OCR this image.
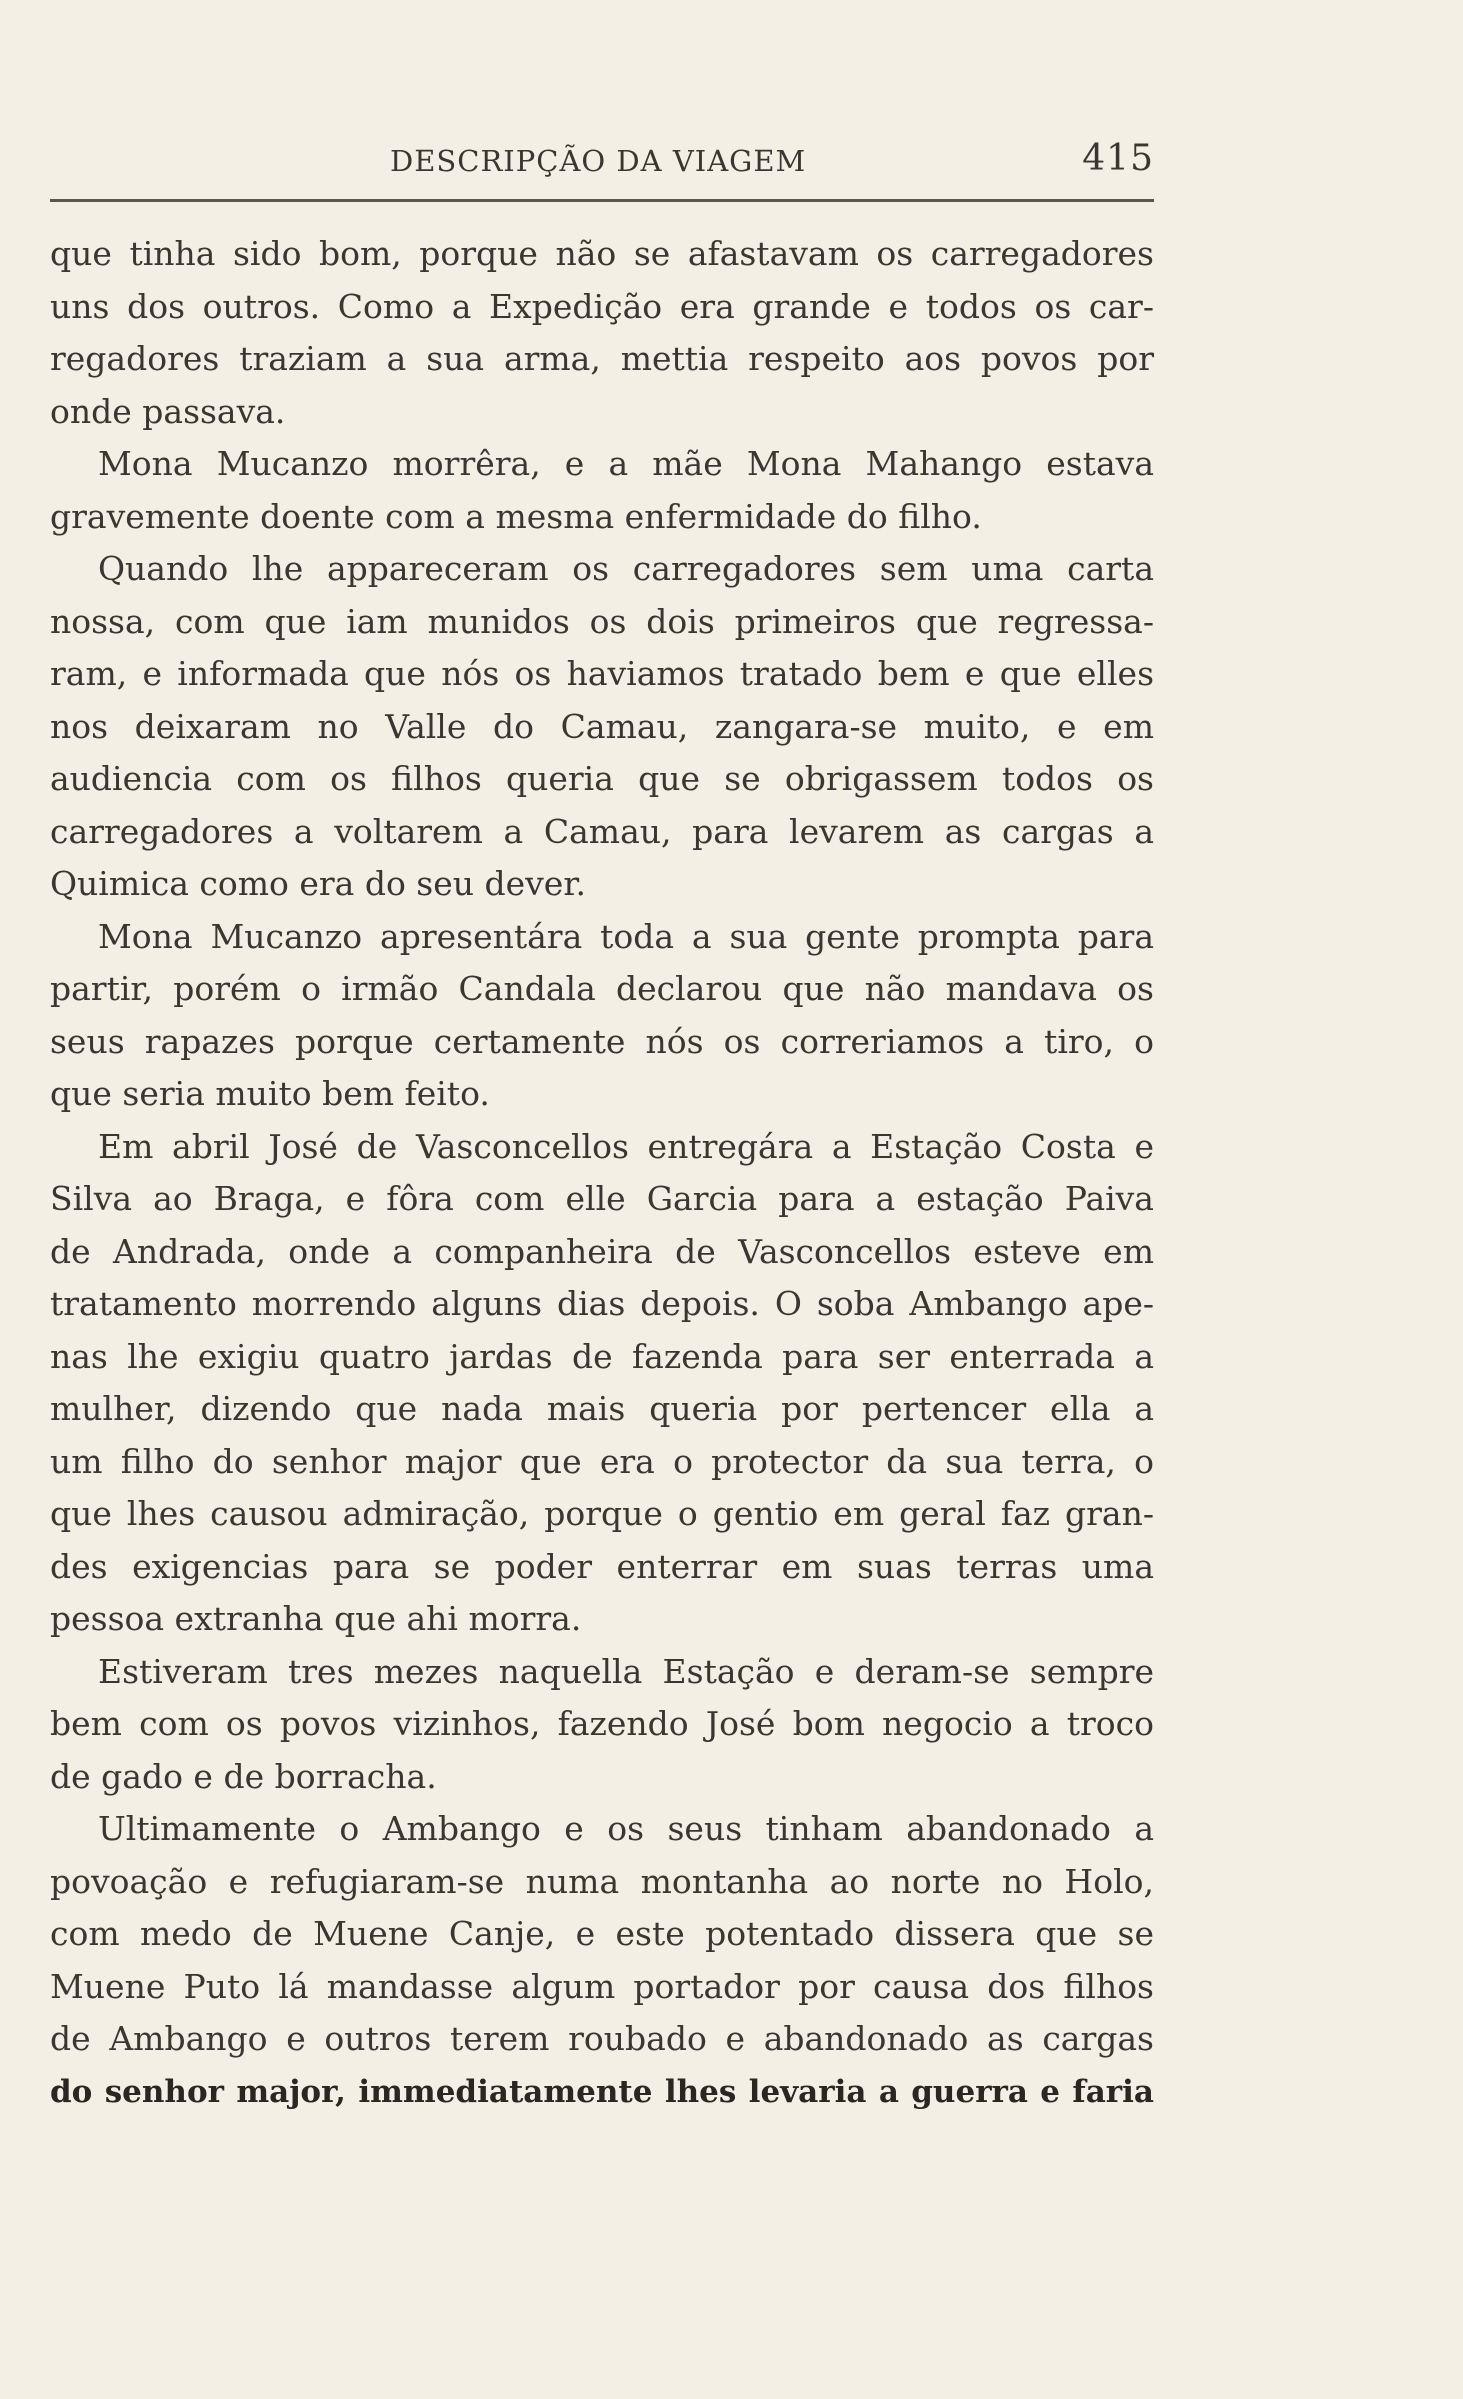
DESCRIPÇÃO DA VIAGEM	415
que tinha sido bom, porque não se afastavam os carregadores
uns dos outros. Como a Expedição era grande e todos os car-
regadores traziam a sua arma, mettia respeito aos povos por
onde passava.
Mona Mucanzo morrêra, e a mãe Mona Mahango estava
gravemente doente com a mesma enfermidade do filho.
Quando lhe appareceram os carregadores sem uma carta
nossa, com que iam munidos os dois primeiros que regressa-
ram, e informada que nós os haviamos tratado bem e que elles
nos deixaram no Valle do Camau, zangara-se muito, e em
audiencia com os filhos queria que se obrigassem todos os
carregadores a voltarem a Camau, para levarem as cargas a
Quimica como era do seu dever.
Mona Mucanzo apresentára toda a sua gente prompta para
partir, porém o irmão Candala declarou que não mandava os
seus rapazes porque certamente nós os correriamos a tiro, o
que seria muito bem feito.
Em abril José de Vasconcellos entregára a Estação Costa e
Silva ao Braga, e fôra com elle Garcia para a estação Paiva
de Andrada, onde a companheira de Vasconcellos esteve em
tratamento morrendo alguns dias depois. O soba Ambango ape-
nas lhe exigiu quatro jardas de fazenda para ser enterrada a
mulher, dizendo que nada mais queria por pertencer ella a
um filho do senhor major que era o protector da sua terra, o
que lhes causou admiração, porque o gentio em geral faz gran-
des exigencias para se poder enterrar em suas terras uma
pessoa extranha que ahi morra.
Estiveram tres mezes naquella Estação e deram-se sempre
bem com os povos vizinhos, fazendo José bom negocio a troco
de gado e de borracha.
Ultimamente o Ambango e os seus tinham abandonado a
povoação e refugiaram-se numa montanha ao norte no Holo,
com medo de Muene Canje, e este potentado dissera que se
Muene Puto lá mandasse algum portador por causa dos filhos
de Ambango e outros terem roubado e abandonado as cargas
do senhor major, immediatamente lhes levaria a guerra e faria
